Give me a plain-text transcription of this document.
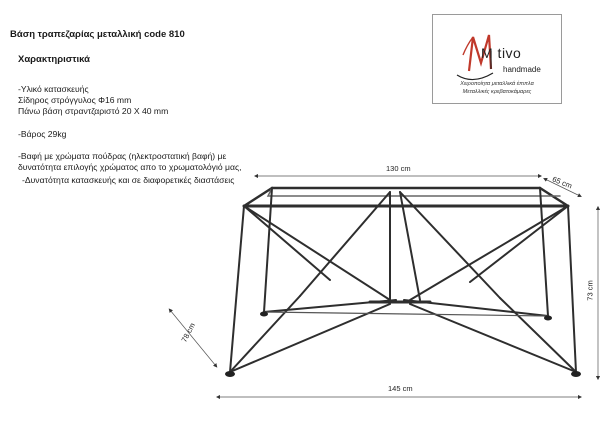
Βάση τραπεζαρίας μεταλλική code 810
Χαρακτηριστικά
-Υλικό κατασκευής
Σίδηρος στρόγγυλος Φ16 mm
Πάνω βάση στραντζαριστό 20 Χ 40 mm
-Βάρος 29kg
-Βαφή με χρώματα πούδρας (ηλεκτροστατική βαφή) με δυνατότητα επιλογής χρώματος απο το χρωματολόγιό μας,
-Δυνατότητα κατασκευής και σε διαφορετικές διαστάσεις
M tivo
handmade
Χειροποίητα μεταλλικά έπιπλα
Μεταλλικές κρεβατοκάμαρες
130 cm
65 cm
73 cm
145 cm
78 cm
